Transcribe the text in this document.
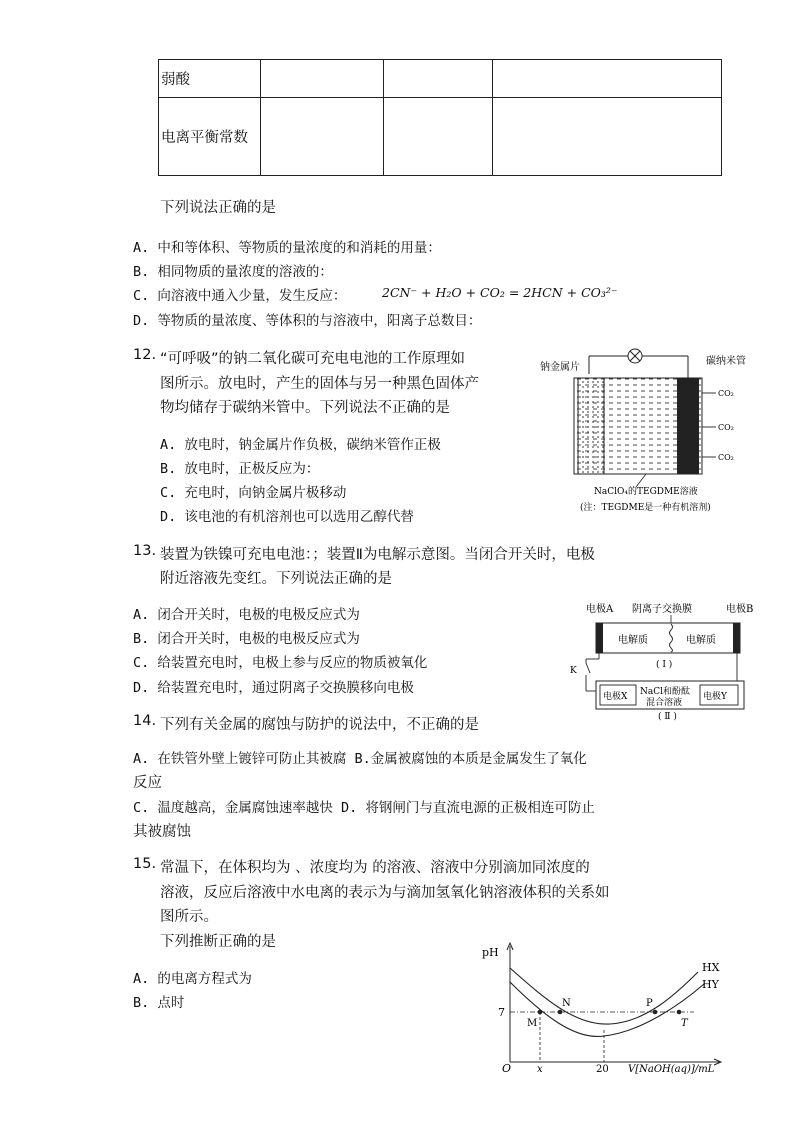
弱酸			
电离平衡常数			
下列说法正确的是
A. 中和等体积、等物质的量浓度的和消耗的用量：
B. 相同物质的量浓度的溶液的：
C. 向溶液中通入少量，发生反应：	2CN⁻ + H₂O + CO₂ = 2HCN + CO₃²⁻
D. 等物质的量浓度、等体积的与溶液中，阳离子总数目：
12. “可呼吸”的钠二氧化碳可充电电池的工作原理如
图所示。放电时，产生的固体与另一种黑色固体产
物均储存于碳纳米管中。下列说法不正确的是
A. 放电时，钠金属片作负极，碳纳米管作正极
B. 放电时，正极反应为：
C. 充电时，向钠金属片极移动
D. 该电池的有机溶剂也可以选用乙醇代替
钠金属片
碳纳米管
CO₂
CO₂
CO₂
NaClO₄的TEGDME溶液
(注：TEGDME是一种有机溶剂)
13. 装置为铁镍可充电电池：；装置Ⅱ为电解示意图。当闭合开关时，电极
附近溶液先变红。下列说法正确的是
A. 闭合开关时，电极的电极反应式为
B. 闭合开关时，电极的电极反应式为
C. 给装置充电时，电极上参与反应的物质被氧化
D. 给装置充电时，通过阴离子交换膜移向电极
电极A 阴离子交换膜	电极B
电解质	电解质
( Ⅰ )
K
电极X NaCl和酚酞
混合溶液
电极Y
( Ⅱ )
14. 下列有关金属的腐蚀与防护的说法中，不正确的是
A. 在铁管外壁上镀锌可防止其被腐 B.金属被腐蚀的本质是金属发生了氧化
反应
C. 温度越高，金属腐蚀速率越快 D. 将钢闸门与直流电源的正极相连可防止
其被腐蚀
15. 常温下，在体积均为 、浓度均为 的溶液、溶液中分别滴加同浓度的
溶液，反应后溶液中水电离的表示为与滴加氢氧化钠溶液体积的关系如
图所示。
下列推断正确的是
A. 的电离方程式为
B. 点时
pH
7
O	x	20 V[NaOH(aq)]/mL
HX
HY
M
N	P
T
